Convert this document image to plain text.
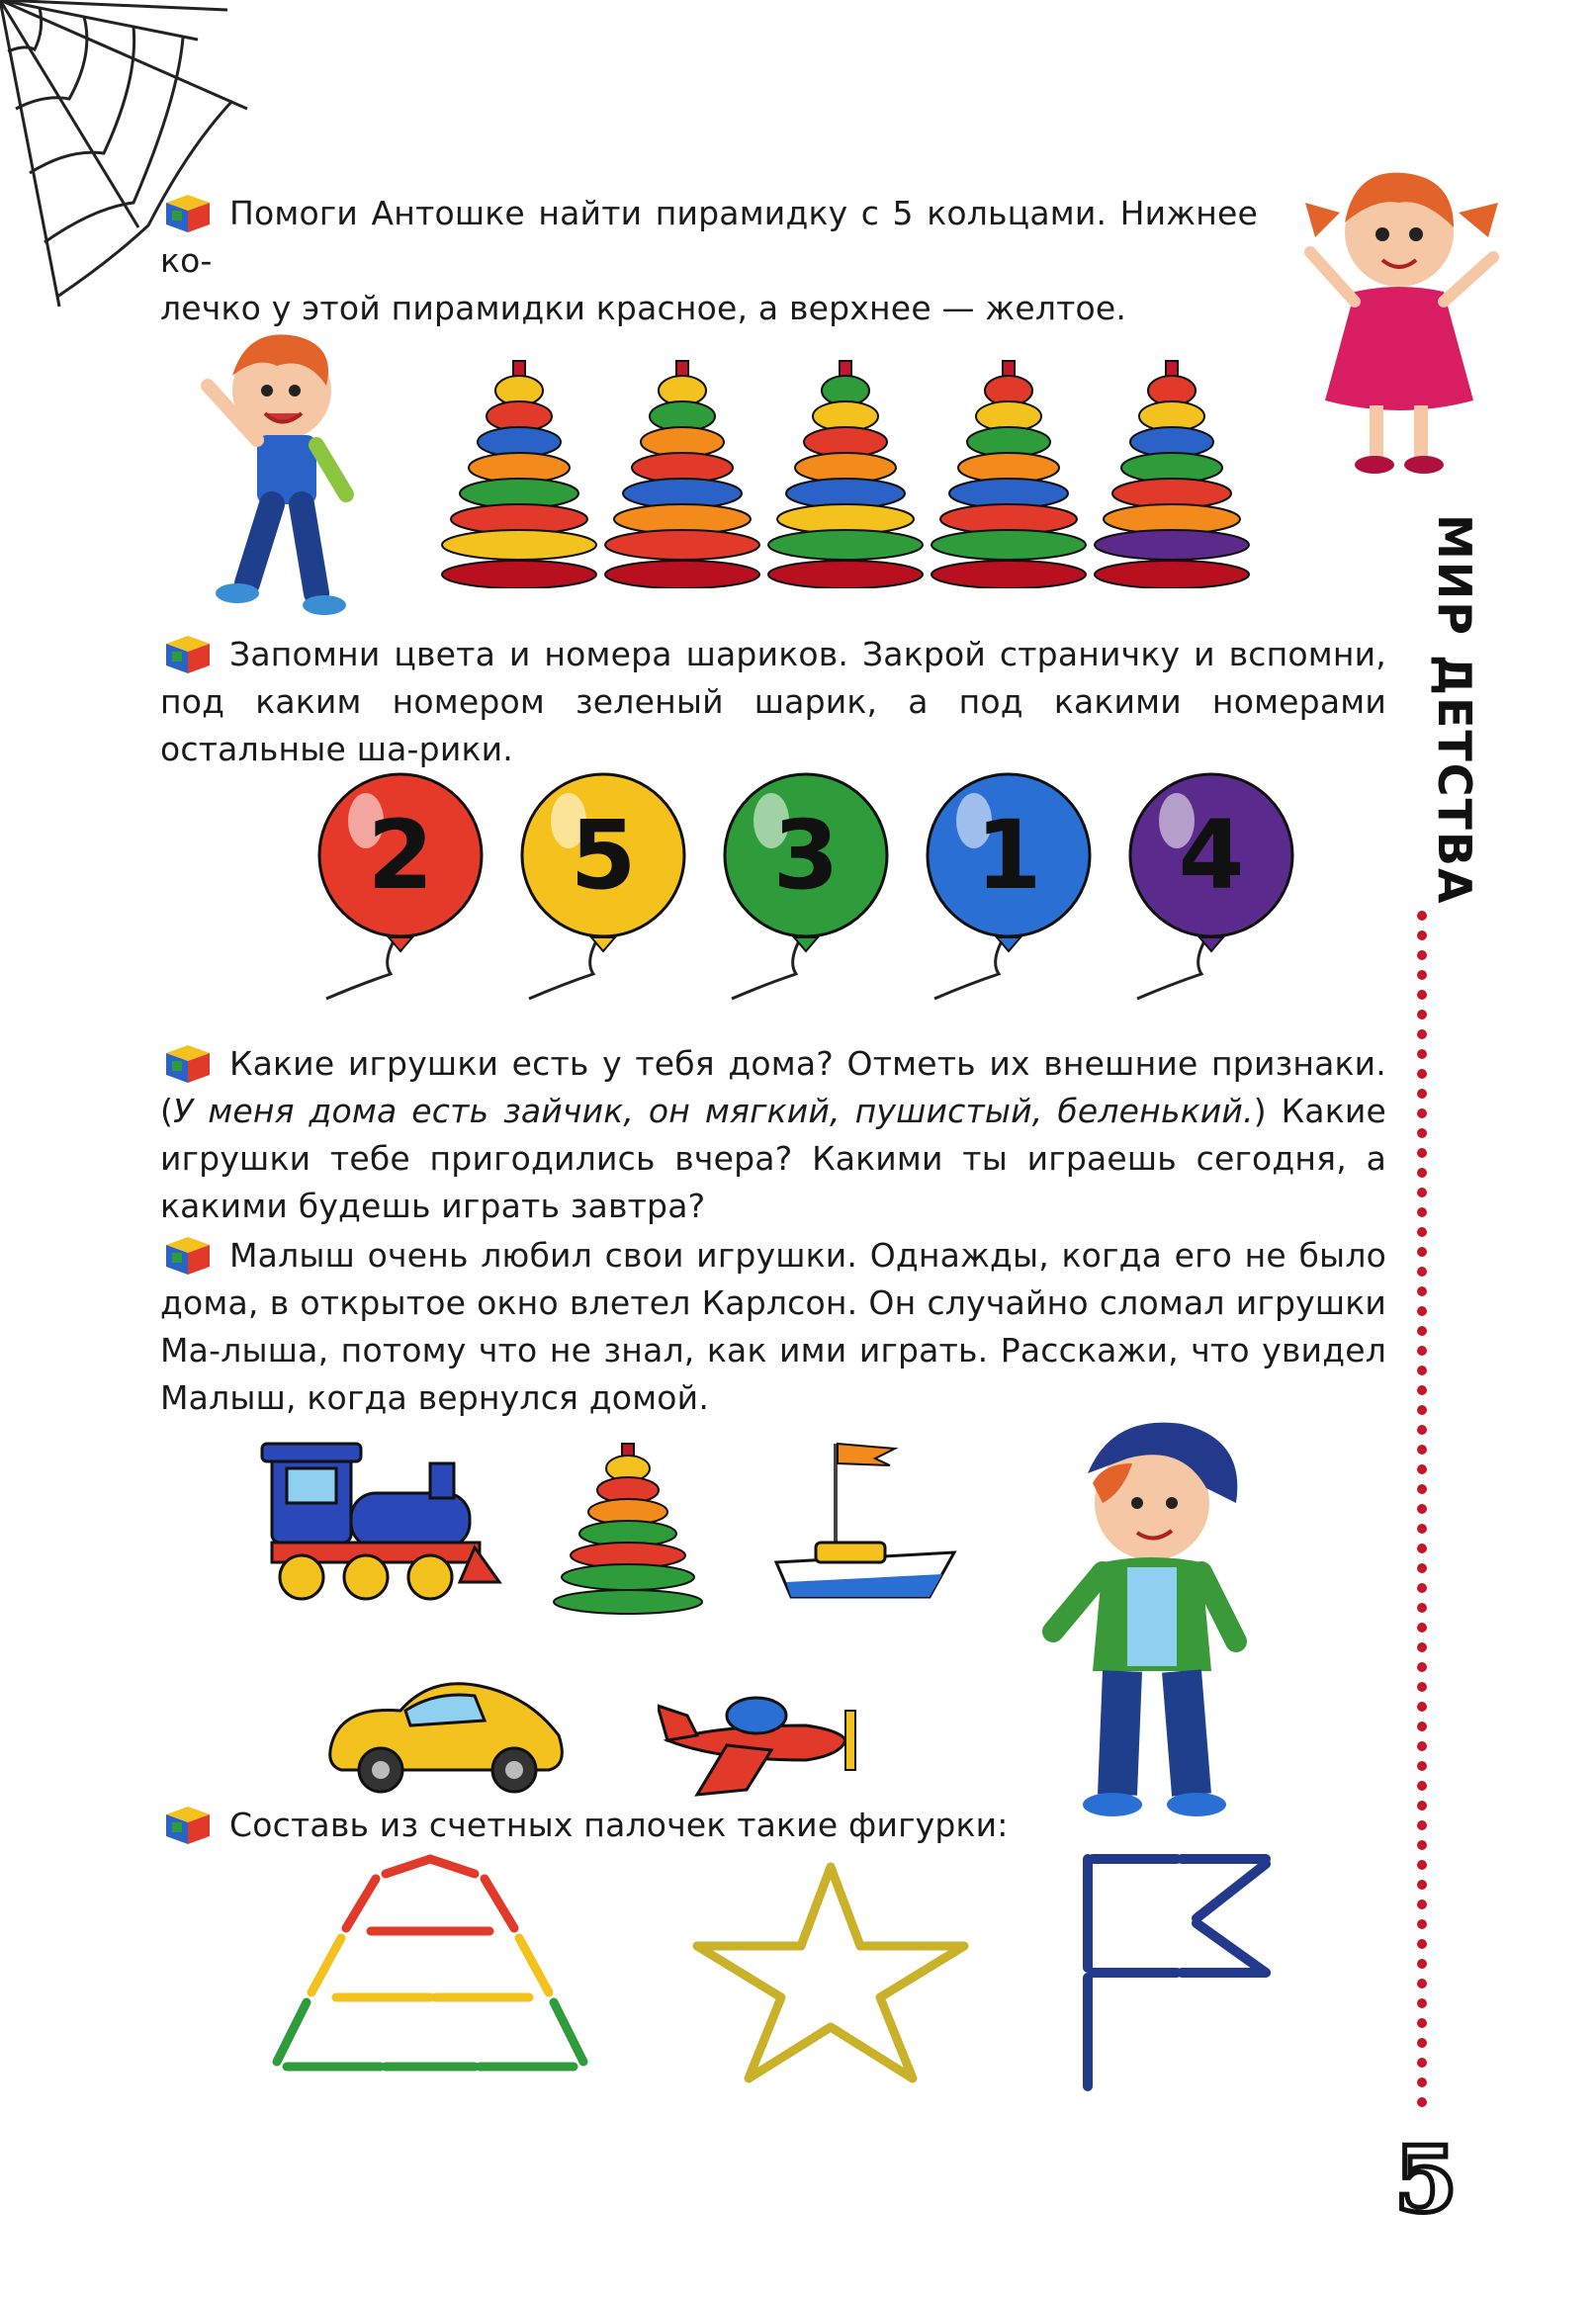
Помоги Антошке найти пирамидку с 5 кольцами. Нижнее ко-
лечко у этой пирамидки красное, а верхнее — желтое.
Запомни цвета и номера шариков. Закрой страничку и вспомни, под каким номером зеленый шарик, а под какими номерами остальные ша-рики.
2 5 3 1 4
Какие игрушки есть у тебя дома? Отметь их внешние признаки. (У меня дома есть зайчик, он мягкий, пушистый, беленький.) Какие игрушки тебе пригодились вчера? Какими ты играешь сегодня, а какими будешь играть завтра?
Малыш очень любил свои игрушки. Однажды, когда его не было дома, в открытое окно влетел Карлсон. Он случайно сломал игрушки Ма-лыша, потому что не знал, как ими играть. Расскажи, что увидел Малыш, когда вернулся домой.
Составь из счетных палочек такие фигурки:
МИР ДЕТСТВА
5
